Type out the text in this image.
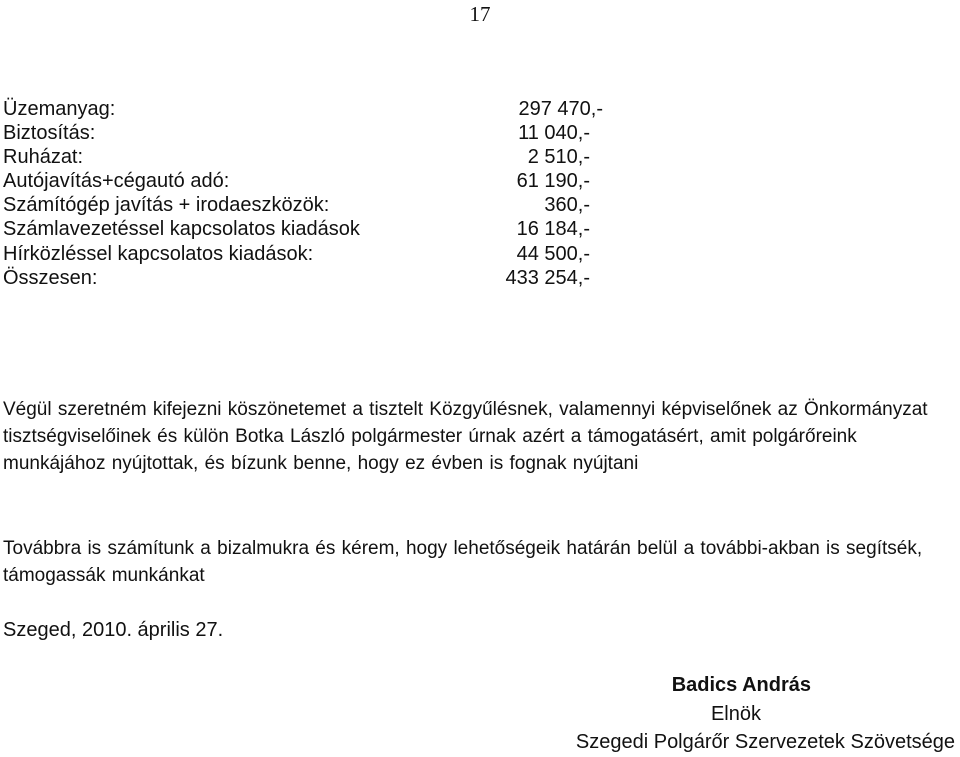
17
Üzemanyag:	297 470,-
Biztosítás:	11 040,-
Ruházat:	2 510,-
Autójavítás+cégautó adó:	61 190,-
Számítógép javítás + irodaeszközök:	360,-
Számlavezetéssel kapcsolatos kiadások	16 184,-
Hírközléssel kapcsolatos kiadások:	44 500,-
Összesen:	433 254,-

Végül szeretném kifejezni köszönetemet a tisztelt Közgyűlésnek, valamennyi képviselőnek az Önkormányzat tisztségviselőinek és külön Botka László polgármester úrnak azért a támogatásért, amit polgárőreink munkájához nyújtottak, és bízunk benne, hogy ez évben is fognak nyújtani

Továbbra is számítunk a bizalmukra és kérem, hogy lehetőségeik határán belül a további-akban is segítsék, támogassák munkánkat

Szeged, 2010. április 27.
Badics András
Elnök
Szegedi Polgárőr Szervezetek Szövetsége
